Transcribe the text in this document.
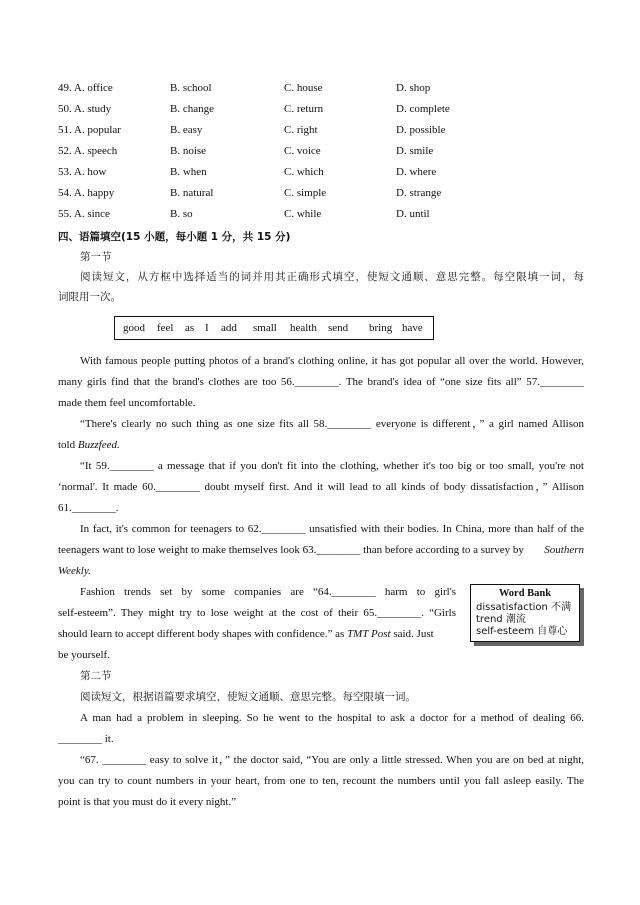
49. A. office	B. school	C. house	D. shop
50. A. study	B. change	C. return	D. complete
51. A. popular	B. easy	C. right	D. possible
52. A. speech	B. noise	C. voice	D. smile
53. A. how	B. when	C. which	D. where
54. A. happy	B. natural	C. simple	D. strange
55. A. since	B. so	C. while	D. until
四、语篇填空(15 小题，每小题 1 分，共 15 分)
第一节
阅读短文，从方框中选择适当的词并用其正确形式填空，使短文通顺、意思完整。每空限填一词，每
词限用一次。
good feel as I add small health send bring have
With famous people putting photos of a brand's clothing online, it has got popular all over the world. However,
many girls find that the brand's clothes are too 56.________. The brand's idea of “one size fits all” 57.________
made them feel uncomfortable.
“There's clearly no such thing as one size fits all 58.________ everyone is different，” a girl named Allison
told Buzzfeed.
“It 59.________ a message that if you don't fit into the clothing, whether it's too big or too small, you're not
‘normal'. It made 60.________ doubt myself first. And it will lead to all kinds of body dissatisfaction，” Allison
61.________.
In fact, it's common for teenagers to 62.________ unsatisfied with their bodies. In China, more than half of the
teenagers want to lose weight to make themselves look 63.________ than before according to a survey by Southern
Weekly.
Fashion trends set by some companies are “64.________ harm to girl's
self-esteem”. They might try to lose weight at the cost of their 65.________. “Girls
should learn to accept different body shapes with confidence.” as TMT Post said. Just
be yourself.
Word Bank
dissatisfaction 不满
trend 潮流
self-esteem 自尊心
第二节
阅读短文，根据语篇要求填空，使短文通顺、意思完整。每空限填一词。
A man had a problem in sleeping. So he went to the hospital to ask a doctor for a method of dealing 66.
________ it.
“67. ________ easy to solve it，” the doctor said, “You are only a little stressed. When you are on bed at night,
you can try to count numbers in your heart, from one to ten, recount the numbers until you fall asleep easily. The
point is that you must do it every night.”
